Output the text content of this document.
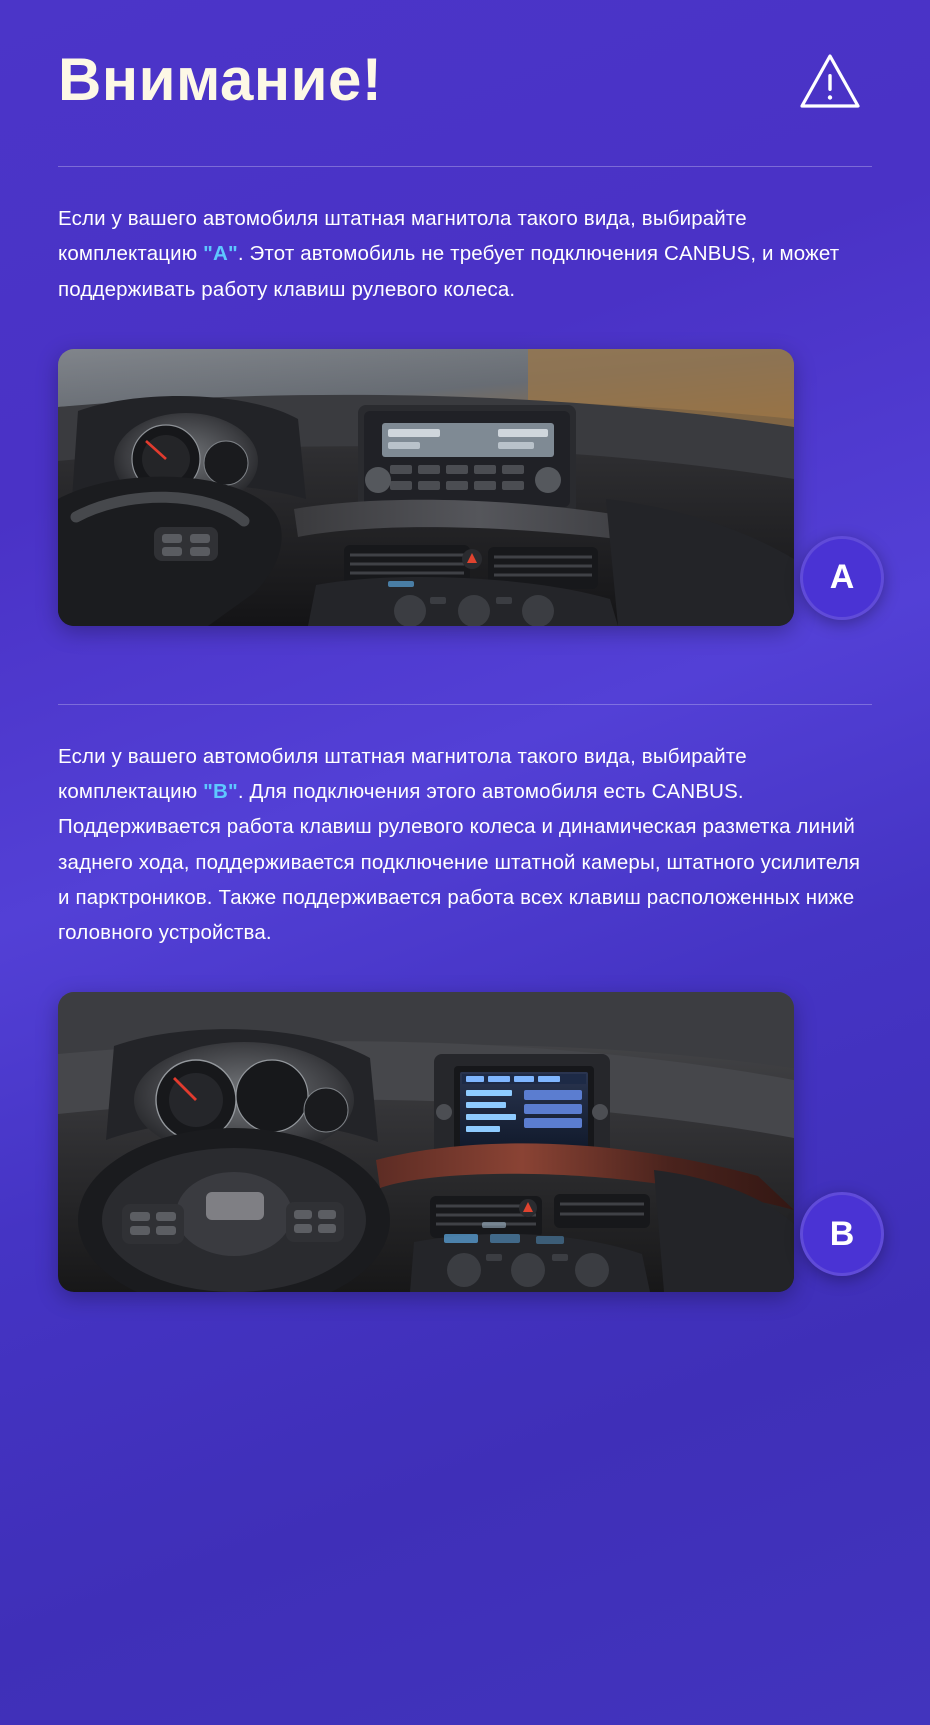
Внимание!

Если у вашего автомобиля штатная магнитола такого вида, выбирайте комплектацию "A". Этот автомобиль не требует подключения CANBUS, и может поддерживать работу клавиш рулевого колеса.

A

Если у вашего автомобиля штатная магнитола такого вида, выбирайте комплектацию "B". Для подключения этого автомобиля есть CANBUS. Поддерживается работа клавиш рулевого колеса и динамическая разметка линий заднего хода, поддерживается подключение штатной камеры, штатного усилителя и парктроников. Также поддерживается работа всех клавиш расположенных ниже головного устройства.

B
